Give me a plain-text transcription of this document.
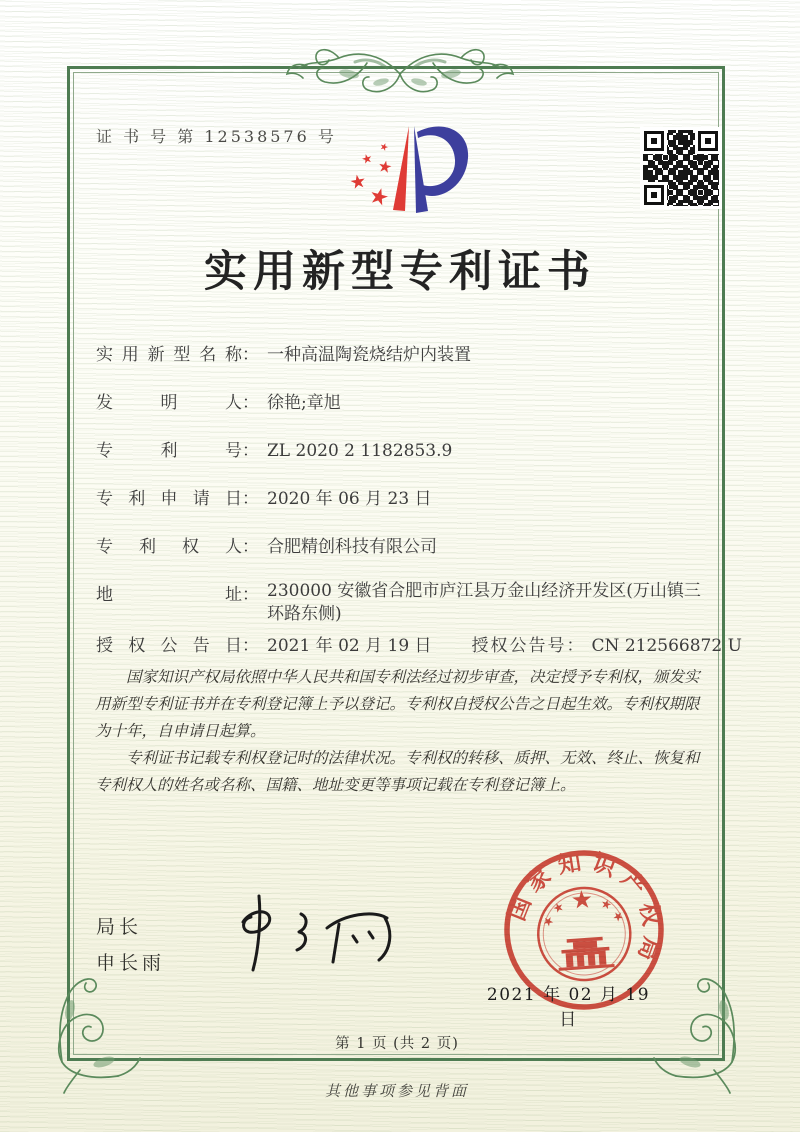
证 书 号 第 12538576 号
实用新型专利证书
实用新型名称： 一种高温陶瓷烧结炉内装置
发明人： 徐艳;章旭
专利号： ZL 2020 2 1182853.9
专利申请日： 2020 年 06 月 23 日
专利权人： 合肥精创科技有限公司
地址： 230000 安徽省合肥市庐江县万金山经济开发区(万山镇三环路东侧)
授权公告日： 2021 年 02 月 19 日 授权公告号： CN 212566872 U

国家知识产权局依照中华人民共和国专利法经过初步审查，决定授予专利权，颁发实用新型专利证书并在专利登记簿上予以登记。专利权自授权公告之日起生效。专利权期限为十年，自申请日起算。

专利证书记载专利权登记时的法律状况。专利权的转移、质押、无效、终止、恢复和专利权人的姓名或名称、国籍、地址变更等事项记载在专利登记簿上。

局长
申长雨
国家知识产权局
2021 年 02 月 19 日
第 1 页 (共 2 页)
其他事项参见背面
